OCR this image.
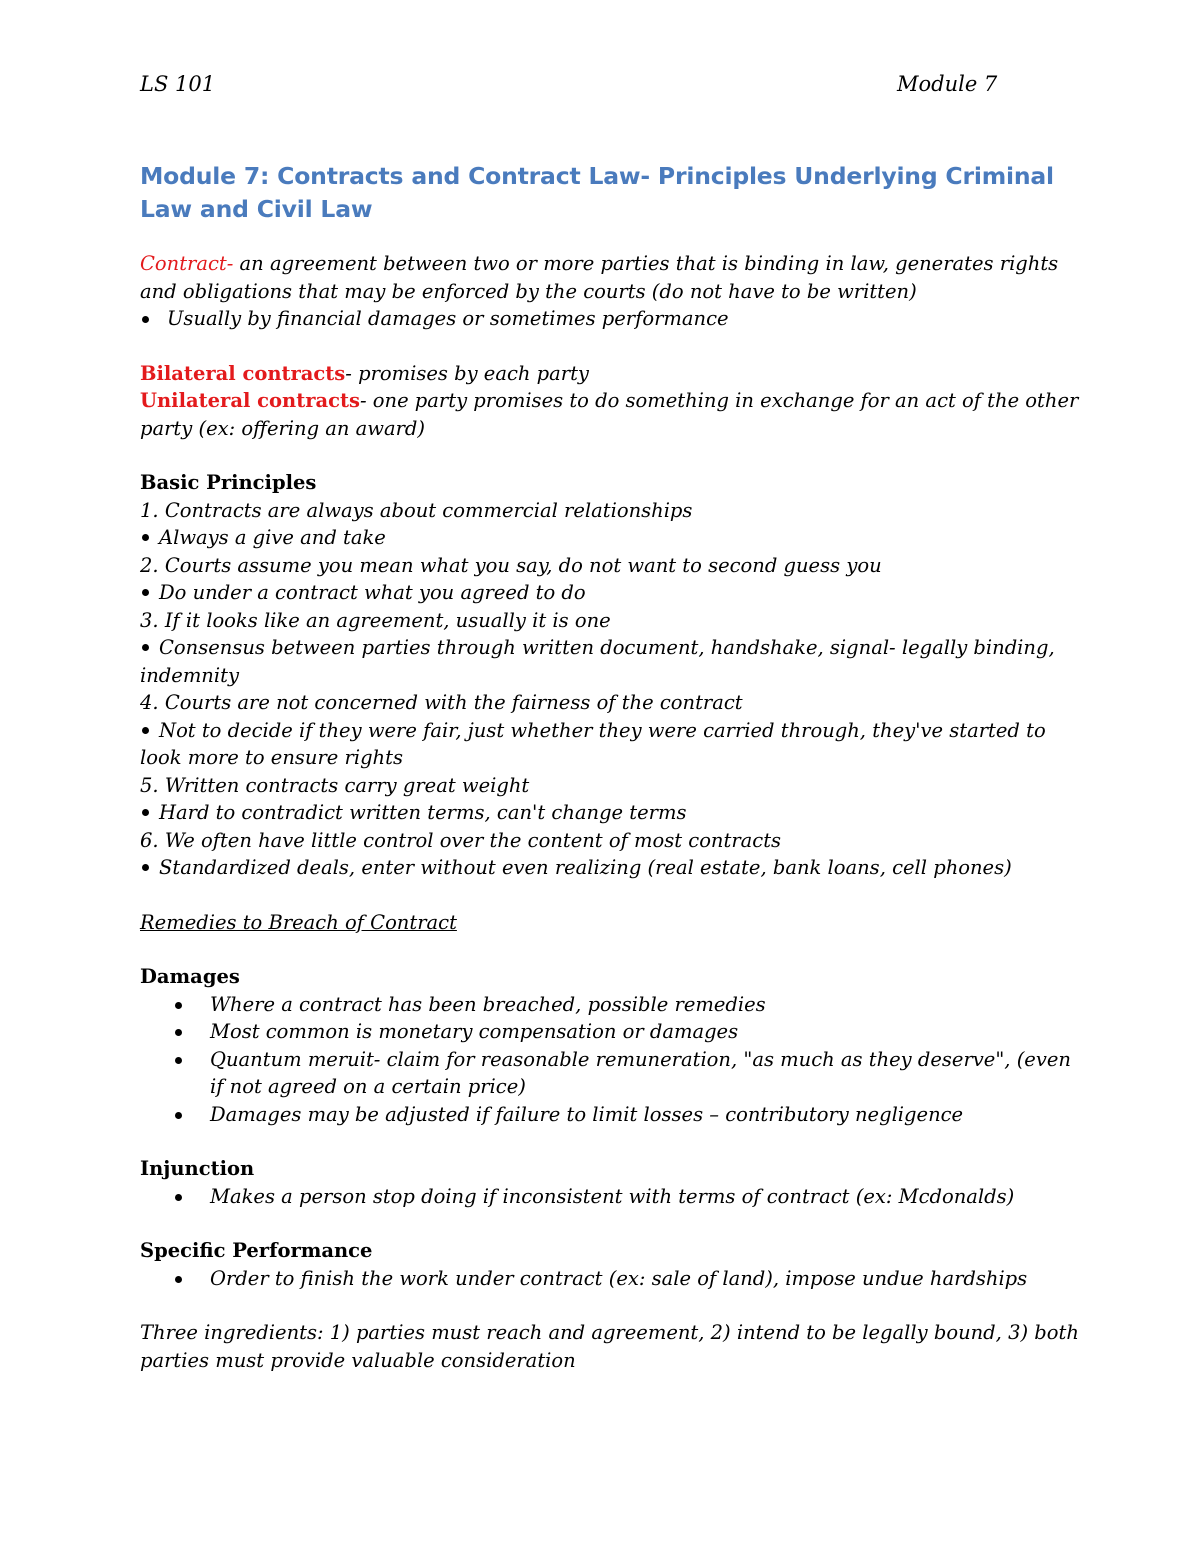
LS 101	Module 7
Module 7: Contracts and Contract Law- Principles Underlying Criminal Law and Civil Law

Contract- an agreement between two or more parties that is binding in law, generates rights and obligations that may be enforced by the courts (do not have to be written)

Usually by financial damages or sometimes performance

Bilateral contracts- promises by each party

Unilateral contracts- one party promises to do something in exchange for an act of the other party (ex: offering an award)

Basic Principles
1. Contracts are always about commercial relationships
Always a give and take
2. Courts assume you mean what you say, do not want to second guess you
Do under a contract what you agreed to do
3. If it looks like an agreement, usually it is one
Consensus between parties through written document, handshake, signal- legally binding, indemnity
4. Courts are not concerned with the fairness of the contract
Not to decide if they were fair, just whether they were carried through, they've started to look more to ensure rights
5. Written contracts carry great weight
Hard to contradict written terms, can't change terms
6. We often have little control over the content of most contracts
Standardized deals, enter without even realizing (real estate, bank loans, cell phones)
Remedies to Breach of Contract
Damages
Where a contract has been breached, possible remedies
Most common is monetary compensation or damages
Quantum meruit- claim for reasonable remuneration, "as much as they deserve", (even if not agreed on a certain price)
Damages may be adjusted if failure to limit losses – contributory negligence
Injunction
Makes a person stop doing if inconsistent with terms of contract (ex: Mcdonalds)
Specific Performance
Order to finish the work under contract (ex: sale of land), impose undue hardships

Three ingredients: 1) parties must reach and agreement, 2) intend to be legally bound, 3) both parties must provide valuable consideration
